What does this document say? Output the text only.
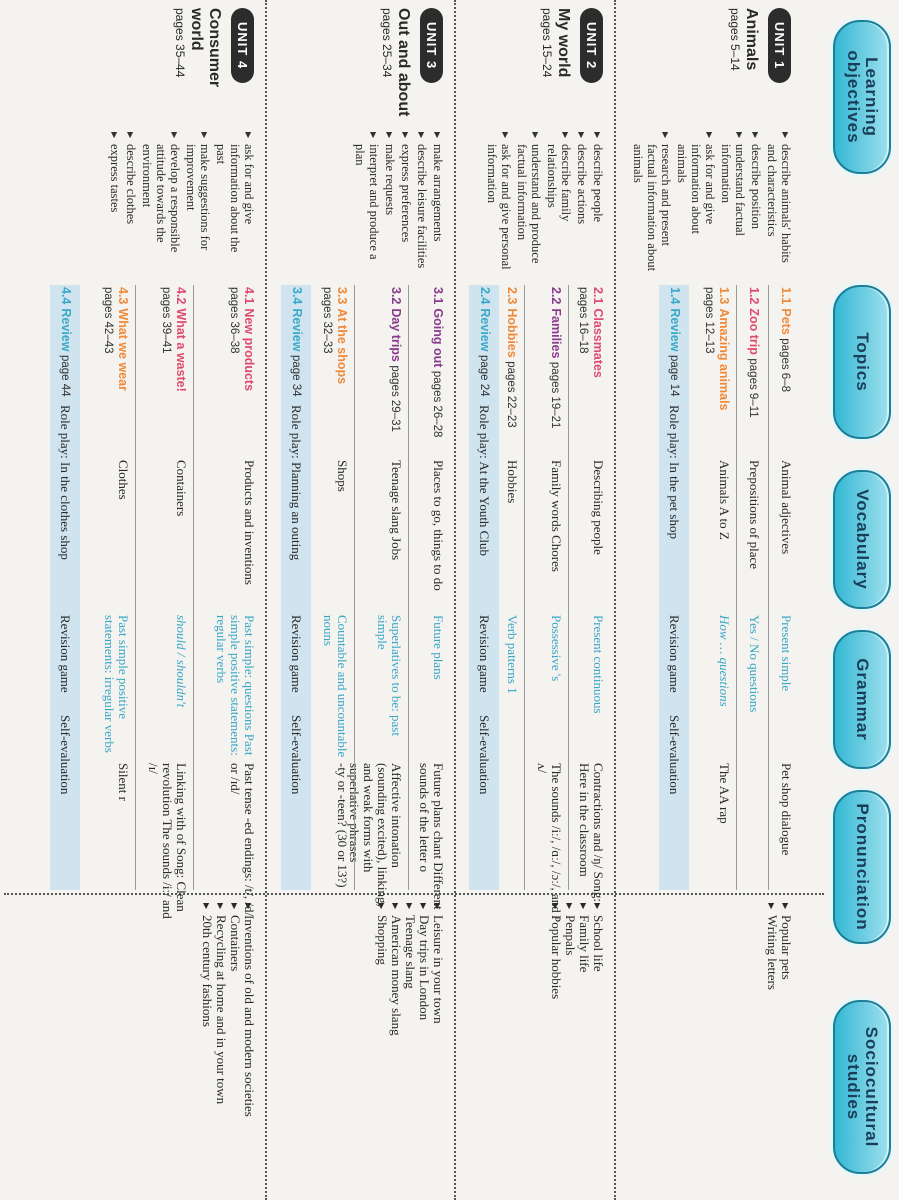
Learning objectives
Topics
Vocabulary
Grammar
Pronunciation
Sociocultural studies
UNIT 1
Animals
pages 5–14
▶ describe animals' habits and characteristics
▶ describe position
▶ understand factual information
▶ ask for and give information about animals
▶ research and present factual information about animals
1.1Pets pages 6–8
Animal adjectives
Present simple
Pet shop dialogue
1.2Zoo trip pages 9–11
Prepositions of place
Yes / No questions
1.3Amazing animals
pages 12–13
Animals A to Z
How … questions
The AA rap
1.4Review page 14
Role play: In the pet shop
Revision game
Self-evaluation
▶ Popular pets
▶ Writing letters
UNIT 2
My world
pages 15–24
▶ describe people
▶ describe actions
▶ describe family relationships
▶ understand and produce factual information
▶ ask for and give personal information
2.1Classmates
pages 16–18
Describing people
Present continuous
Contractions and /ŋ/ Song: Here in the classroom
2.2Families pages 19–21
Family words Chores
Possessive 's
The sounds /iː/, /ɑː/, /ɔː/, and /ʌ/
2.3Hobbies pages 22–23
Hobbies
Verb patterns 1
2.4Review page 24
Role play: At the Youth Club
Revision game
Self-evaluation
▶ School life
▶ Family life
▶ Penpals
▶ Popular hobbies
UNIT 3
Out and about
pages 25–34
▶ make arrangements
▶ describe leisure facilities
▶ express preferences
▶ make requests
▶ interpret and produce a plan
3.1Going out pages 26–28
Places to go, things to do
Future plans
Future plans chant Different sounds of the letter o
3.2Day trips pages 29–31
Teenage slang Jobs
Superlatives to be: past simple
Affective intonation (sounding excited), linking, and weak forms with superlative phrases
3.3At the shops
pages 32–33
Shops
Countable and uncountable nouns
-ty or -teen? (30 or 13?)
3.4Review page 34
Role play: Planning an outing
Revision game
Self-evaluation
▶ Leisure in your town
▶ Day trips in London
▶ Teenage slang
▶ American money slang
▶ Shopping
UNIT 4
Consumer world
pages 35–44
▶ ask for and give information about the past
▶ make suggestions for improvement
▶ develop a responsible attitude towards the environment
▶ describe clothes
▶ express tastes
4.1New products
pages 36–38
Products and inventions
Past simple: questions Past simple positive statements: regular verbs
Past tense -ed endings: /t/, /d/ or /ɪd/
4.2What a waste!
pages 39–41
Containers
should / shouldn't
Linking with of Song: Clean revolution The sounds /iː/ and /ɪ/
4.3What we wear
pages 42–43
Clothes
Past simple positive statements: irregular verbs
Silent r
4.4Review page 44
Role play: In the clothes shop
Revision game
Self-evaluation
▶ Inventions of old and modern societies
▶ Containers
▶ Recycling at home and in your town
▶ 20th century fashions
